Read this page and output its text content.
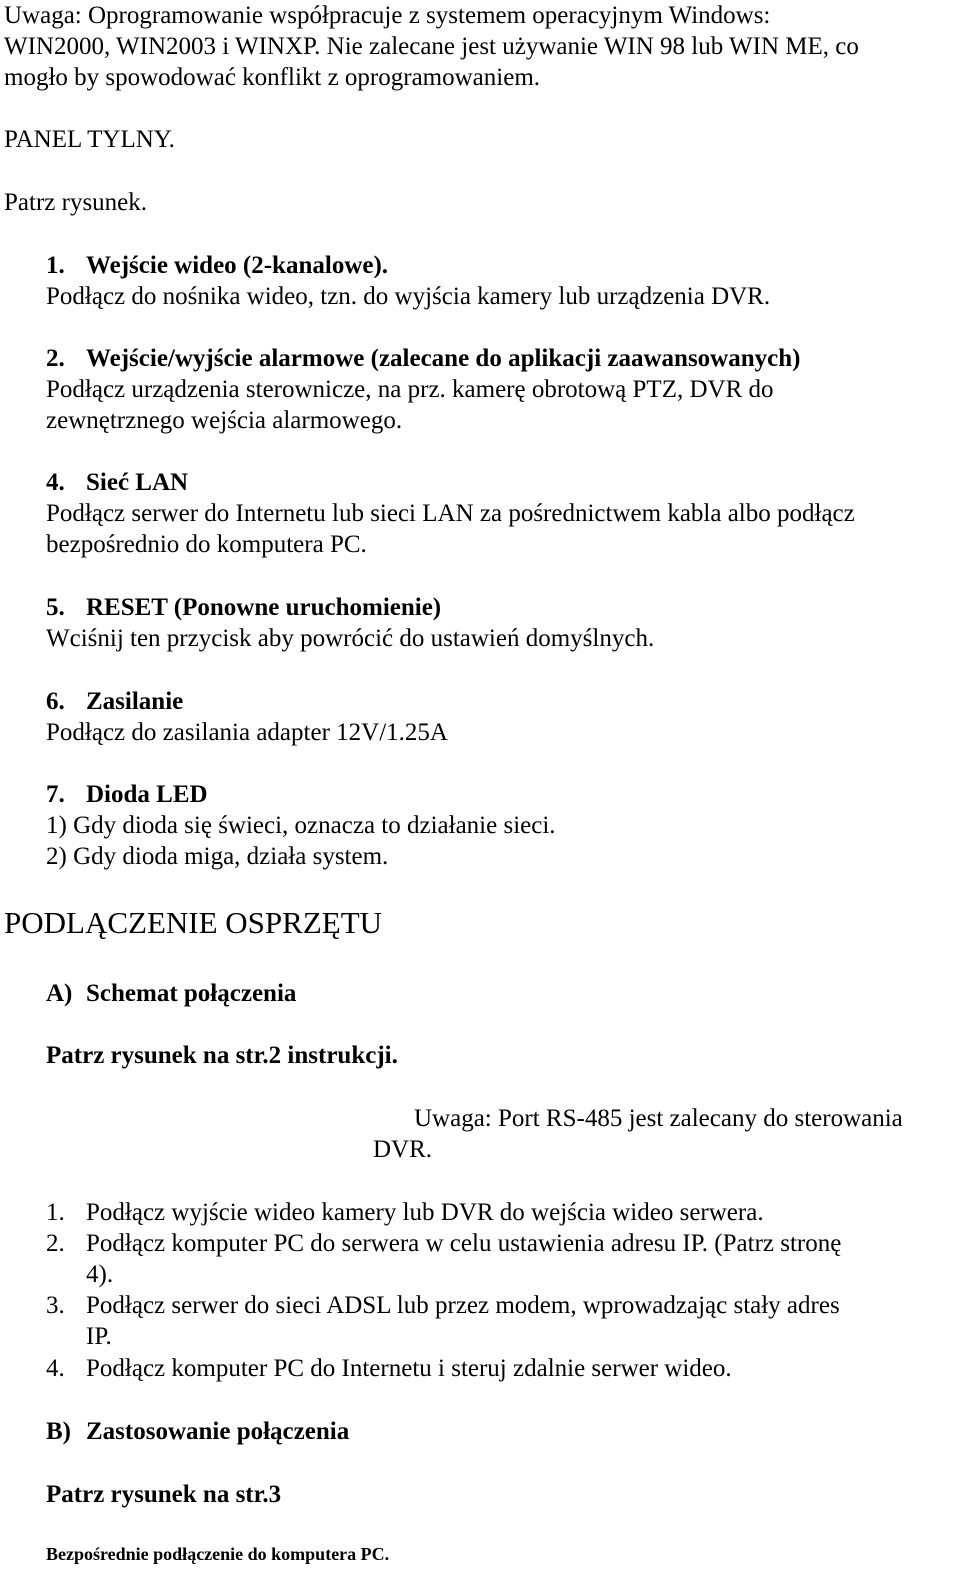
Uwaga: Oprogramowanie współpracuje z systemem operacyjnym Windows:
WIN2000, WIN2003 i WINXP. Nie zalecane jest używanie WIN 98 lub WIN ME, co
mogło by spowodować konflikt z oprogramowaniem.
PANEL TYLNY.
Patrz rysunek.
1. Wejście wideo (2-kanalowe).
Podłącz do nośnika wideo, tzn. do wyjścia kamery lub urządzenia DVR.
2. Wejście/wyjście alarmowe (zalecane do aplikacji zaawansowanych)
Podłącz urządzenia sterownicze, na prz. kamerę obrotową PTZ, DVR do
zewnętrznego wejścia alarmowego.
4. Sieć LAN
Podłącz serwer do Internetu lub sieci LAN za pośrednictwem kabla albo podłącz
bezpośrednio do komputera PC.
5. RESET (Ponowne uruchomienie)
Wciśnij ten przycisk aby powrócić do ustawień domyślnych.
6. Zasilanie
Podłącz do zasilania adapter 12V/1.25A
7. Dioda LED
1) Gdy dioda się świeci, oznacza to działanie sieci.
2) Gdy dioda miga, działa system.
PODLĄCZENIE OSPRZĘTU
A) Schemat połączenia
Patrz rysunek na str.2 instrukcji.
Uwaga: Port RS-485 jest zalecany do sterowania
DVR.
1. Podłącz wyjście wideo kamery lub DVR do wejścia wideo serwera.
2. Podłącz komputer PC do serwera w celu ustawienia adresu IP. (Patrz stronę
4).
3. Podłącz serwer do sieci ADSL lub przez modem, wprowadzając stały adres
IP.
4. Podłącz komputer PC do Internetu i steruj zdalnie serwer wideo.
B) Zastosowanie połączenia
Patrz rysunek na str.3
Bezpośrednie podłączenie do komputera PC.
